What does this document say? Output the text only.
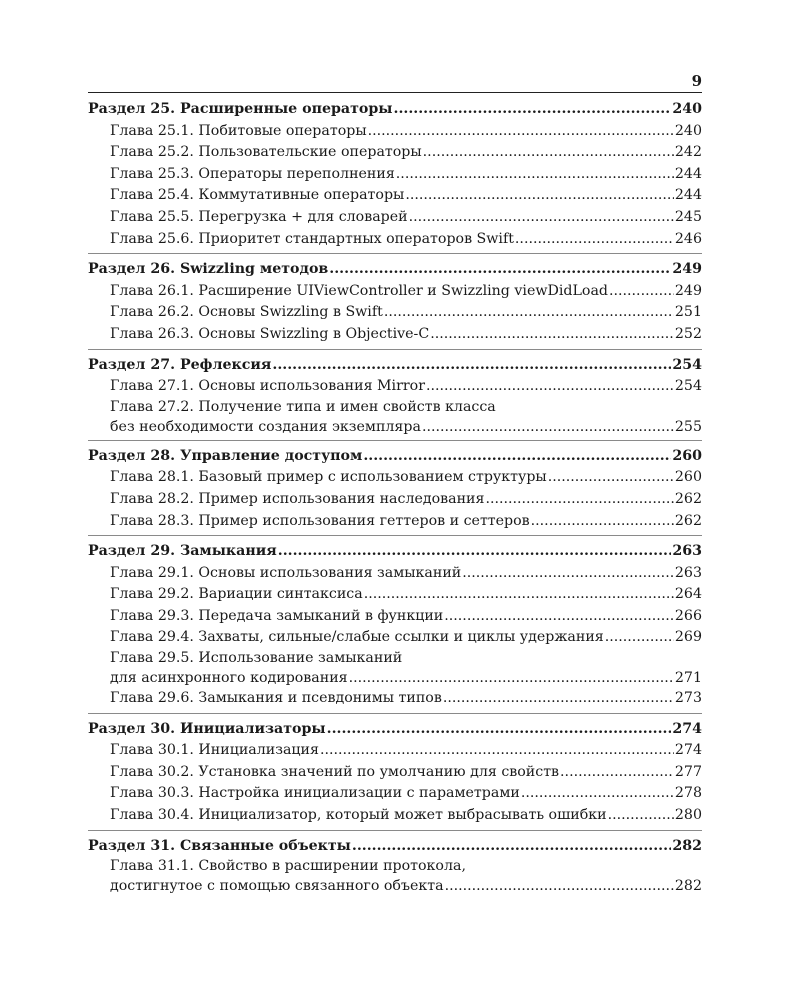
9
Раздел 25. Расширенные операторы .....	240
Глава 25.1. Побитовые операторы .....	240
Глава 25.2. Пользовательские операторы .....	242
Глава 25.3. Операторы переполнения .....	244
Глава 25.4. Коммутативные операторы .....	244
Глава 25.5. Перегрузка + для словарей .....	245
Глава 25.6. Приоритет стандартных операторов Swift .....	246
Раздел 26. Swizzling методов .....	249
Глава 26.1. Расширение UIViewController и Swizzling viewDidLoad .....	249
Глава 26.2. Основы Swizzling в Swift .....	251
Глава 26.3. Основы Swizzling в Objective-C .....	252
Раздел 27. Рефлексия .....	254
Глава 27.1. Основы использования Mirror .....	254
Глава 27.2. Получение типа и имен свойств класса
без необходимости создания экземпляра .....	255
Раздел 28. Управление доступом .....	260
Глава 28.1. Базовый пример с использованием структуры .....	260
Глава 28.2. Пример использования наследования .....	262
Глава 28.3. Пример использования геттеров и сеттеров .....	262
Раздел 29. Замыкания .....	263
Глава 29.1. Основы использования замыканий .....	263
Глава 29.2. Вариации синтаксиса .....	264
Глава 29.3. Передача замыканий в функции .....	266
Глава 29.4. Захваты, сильные/слабые ссылки и циклы удержания .....	269
Глава 29.5. Использование замыканий
для асинхронного кодирования .....	271
Глава 29.6. Замыкания и псевдонимы типов .....	273
Раздел 30. Инициализаторы .....	274
Глава 30.1. Инициализация .....	274
Глава 30.2. Установка значений по умолчанию для свойств .....	277
Глава 30.3. Настройка инициализации с параметрами .....	278
Глава 30.4. Инициализатор, который может выбрасывать ошибки .....	280
Раздел 31. Связанные объекты .....	282
Глава 31.1. Свойство в расширении протокола,
достигнутое с помощью связанного объекта .....	282
